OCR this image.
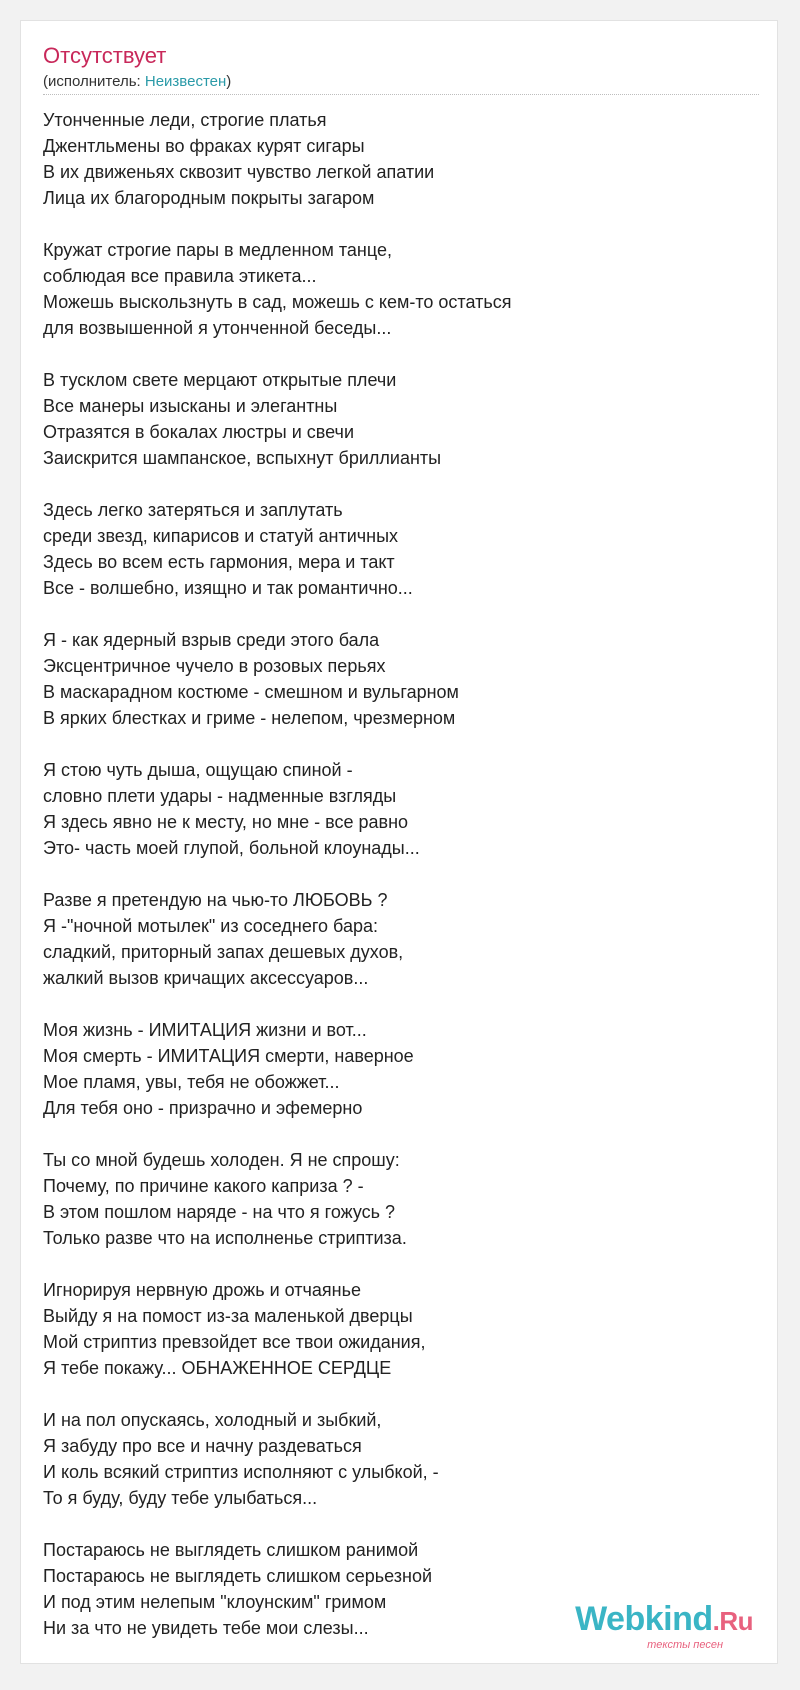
Отсутствует
(исполнитель: Неизвестен)
Утонченные леди, строгие платья
Джентльмены во фраках курят сигары
В их движеньях сквозит чувство легкой апатии
Лица их благородным покрыты загаром
Кружат строгие пары в медленном танце,
соблюдая все правила этикета...
Можешь выскользнуть в сад, можешь с кем-то остаться
для возвышенной я утонченной беседы...
В тусклом свете мерцают открытые плечи
Все манеры изысканы и элегантны
Отразятся в бокалах люстры и свечи
Заискрится шампанское, вспыхнут бриллианты
Здесь легко затеряться и заплутать
среди звезд, кипарисов и статуй античных
Здесь во всем есть гармония, мера и такт
Все - волшебно, изящно и так романтично...
Я - как ядерный взрыв среди этого бала
Эксцентричное чучело в розовых перьях
В маскарадном костюме - смешном и вульгарном
В ярких блестках и гриме - нелепом, чрезмерном
Я стою чуть дыша, ощущаю спиной -
словно плети удары - надменные взгляды
Я здесь явно не к месту, но мне - все равно
Это- часть моей глупой, больной клоунады...
Разве я претендую на чью-то ЛЮБОВЬ ?
Я -"ночной мотылек" из соседнего бара:
сладкий, приторный запах дешевых духов,
жалкий вызов кричащих аксессуаров...
Моя жизнь - ИМИТАЦИЯ жизни и вот...
Моя смерть - ИМИТАЦИЯ смерти, наверное
Мое пламя, увы, тебя не обожжет...
Для тебя оно - призрачно и эфемерно
Ты со мной будешь холоден. Я не спрошу:
Почему, по причине какого каприза ? -
В этом пошлом наряде - на что я гожусь ?
Только разве что на исполненье стриптиза.
Игнорируя нервную дрожь и отчаянье
Выйду я на помост из-за маленькой дверцы
Мой стриптиз превзойдет все твои ожидания,
Я тебе покажу... ОБНАЖЕННОЕ СЕРДЦЕ
И на пол опускаясь, холодный и зыбкий,
Я забуду про все и начну раздеваться
И коль всякий стриптиз исполняют с улыбкой, -
То я буду, буду тебе улыбаться...
Постараюсь не выглядеть слишком ранимой
Постараюсь не выглядеть слишком серьезной
И под этим нелепым "клоунским" гримом
Ни за что не увидеть тебе мои слезы...	Webkind.Ru
тексты песен
